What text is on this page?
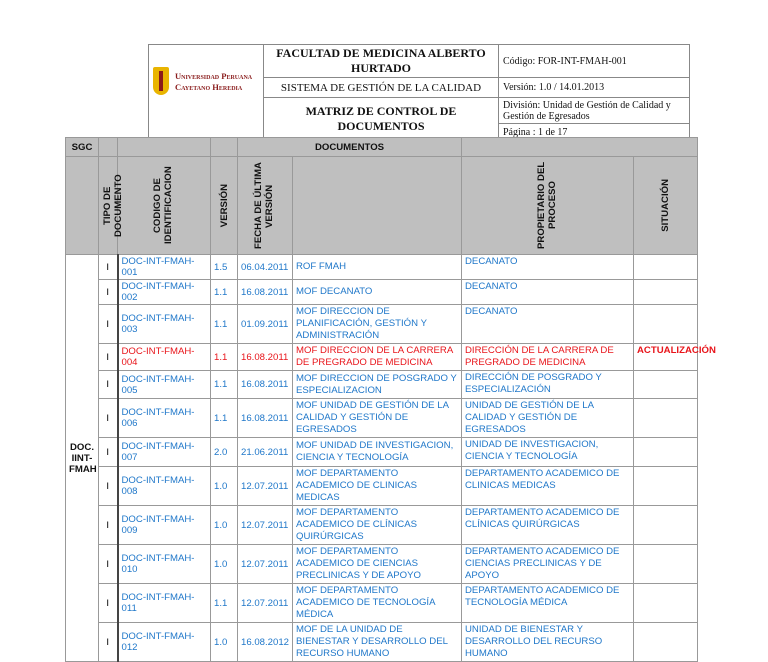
Universidad Peruana Cayetano Heredia	FACULTAD DE MEDICINA ALBERTO HURTADO	Código: FOR-INT-FMAH-001
	SISTEMA DE GESTIÓN DE LA CALIDAD	Versión: 1.0 / 14.01.2013
	MATRIZ DE CONTROL DE DOCUMENTOS	División: Unidad de Gestión de Calidad y Gestión de Egresados
		Página : 1 de 17
SGC				DOCUMENTOS			

	TIPO DE DOCUMENTO	CODIGO DE IDENTIFICACION	VERSIÓN	FECHA DE ÚLTIMA VERSIÓN		PROPIETARIO DEL PROCESO	SITUACIÓN

DOC. IINT-FMAH	I	DOC-INT-FMAH-001	1.5	06.04.2011	ROF FMAH	DECANATO	
	I	DOC-INT-FMAH-002	1.1	16.08.2011	MOF DECANATO	DECANATO	
	I	DOC-INT-FMAH-003	1.1	01.09.2011	MOF DIRECCION DE PLANIFICACIÓN, GESTIÓN Y ADMINISTRACIÓN	DECANATO	
	I	DOC-INT-FMAH-004	1.1	16.08.2011	MOF DIRECCION DE LA CARRERA DE PREGRADO DE MEDICINA	DIRECCIÓN DE LA CARRERA DE PREGRADO DE MEDICINA	ACTUALIZACIÓN
	I	DOC-INT-FMAH-005	1.1	16.08.2011	MOF DIRECCION DE POSGRADO Y ESPECIALIZACION	DIRECCIÓN DE POSGRADO Y ESPECIALIZACIÓN	
	I	DOC-INT-FMAH-006	1.1	16.08.2011	MOF UNIDAD DE GESTIÓN DE LA CALIDAD Y GESTIÓN DE EGRESADOS	UNIDAD DE GESTIÓN DE LA CALIDAD Y GESTIÓN DE EGRESADOS	
	I	DOC-INT-FMAH-007	2.0	21.06.2011	MOF UNIDAD DE INVESTIGACION, CIENCIA Y TECNOLOGÍA	UNIDAD DE INVESTIGACION, CIENCIA Y TECNOLOGÍA	
	I	DOC-INT-FMAH-008	1.0	12.07.2011	MOF DEPARTAMENTO ACADEMICO DE CLINICAS MEDICAS	DEPARTAMENTO ACADEMICO DE CLINICAS MEDICAS	
	I	DOC-INT-FMAH-009	1.0	12.07.2011	MOF DEPARTAMENTO ACADEMICO DE CLÍNICAS QUIRÚRGICAS	DEPARTAMENTO ACADEMICO DE CLÍNICAS QUIRÚRGICAS	
	I	DOC-INT-FMAH-010	1.0	12.07.2011	MOF DEPARTAMENTO ACADEMICO DE CIENCIAS PRECLINICAS Y DE APOYO	DEPARTAMENTO ACADEMICO DE CIENCIAS PRECLINICAS Y DE APOYO	
	I	DOC-INT-FMAH-011	1.1	12.07.2011	MOF DEPARTAMENTO ACADEMICO DE TECNOLOGÍA MÉDICA	DEPARTAMENTO ACADEMICO DE TECNOLOGÍA MÉDICA	
	I	DOC-INT-FMAH-012	1.0	16.08.2012	MOF DE LA UNIDAD DE BIENESTAR Y DESARROLLO DEL RECURSO HUMANO	UNIDAD DE BIENESTAR Y DESARROLLO DEL RECURSO HUMANO	
